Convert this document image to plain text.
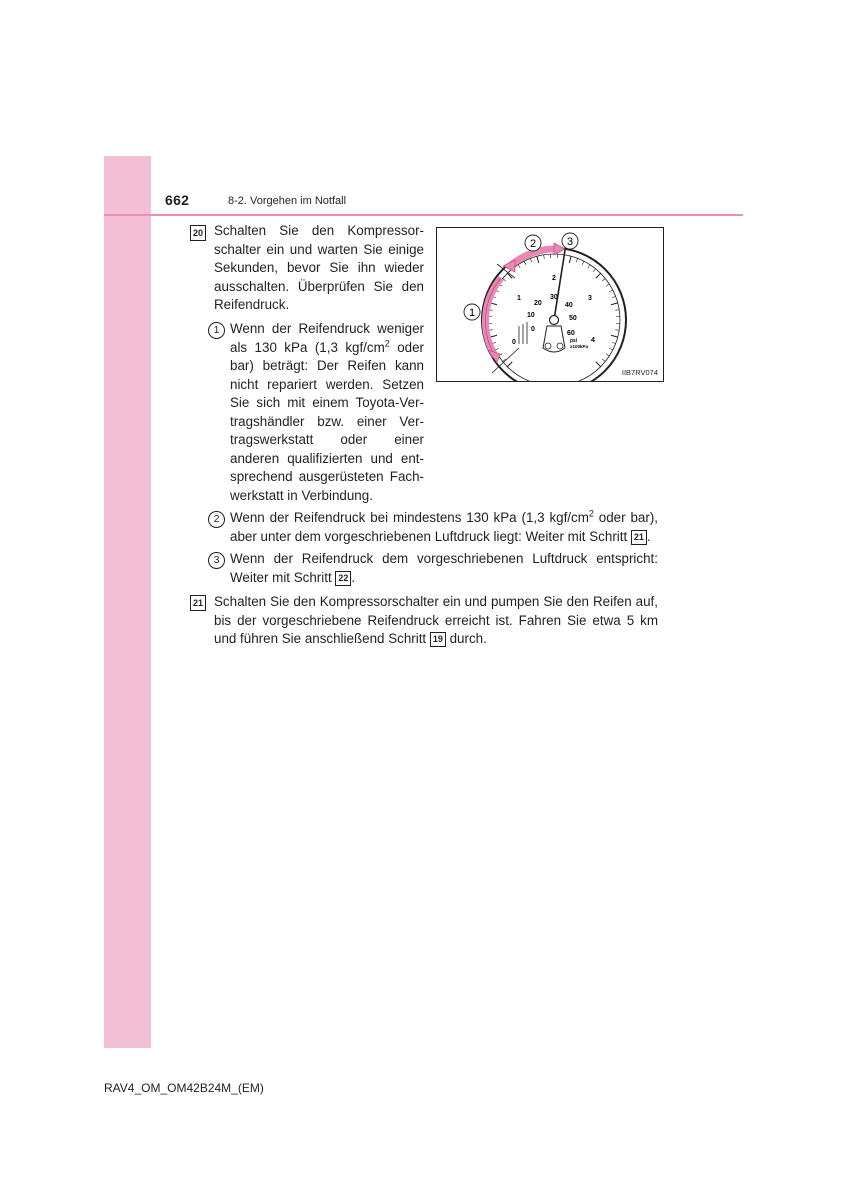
662	8-2. Vorgehen im Notfall
20 Schalten Sie den Kompressor-
schalter ein und warten Sie einige
Sekunden, bevor Sie ihn wieder
ausschalten. Überprüfen Sie den
Reifendruck.
1 Wenn der Reifendruck weniger
als 130 kPa (1,3 kgf/$cm^2$ oder
bar) beträgt: Der Reifen kann
nicht repariert werden. Setzen
Sie sich mit einem Toyota-Ver-
tragshändler bzw. einer Ver-
tragswerkstatt oder einer
anderen qualifizierten und ent-
sprechend ausgerüsteten Fach-
werkstatt in Verbindung.
2 Wenn der Reifendruck bei mindestens 130 kPa (1,3 kgf/$cm^2$ oder bar),
aber unter dem vorgeschriebenen Luftdruck liegt: Weiter mit Schritt 21 .
3 Wenn der Reifendruck dem vorgeschriebenen Luftdruck entspricht:
Weiter mit Schritt 22 .
21 Schalten Sie den Kompressorschalter ein und pumpen Sie den Reifen auf,
bis der vorgeschriebene Reifendruck erreicht ist. Fahren Sie etwa 5 km
und führen Sie anschließend Schritt 19 durch.
1
2
3
4
0
0
10
20
30
40
50
60
psi
x100kPa
1
2	3
IIB7RV074
RAV4_OM_OM42B24M_(EM)
